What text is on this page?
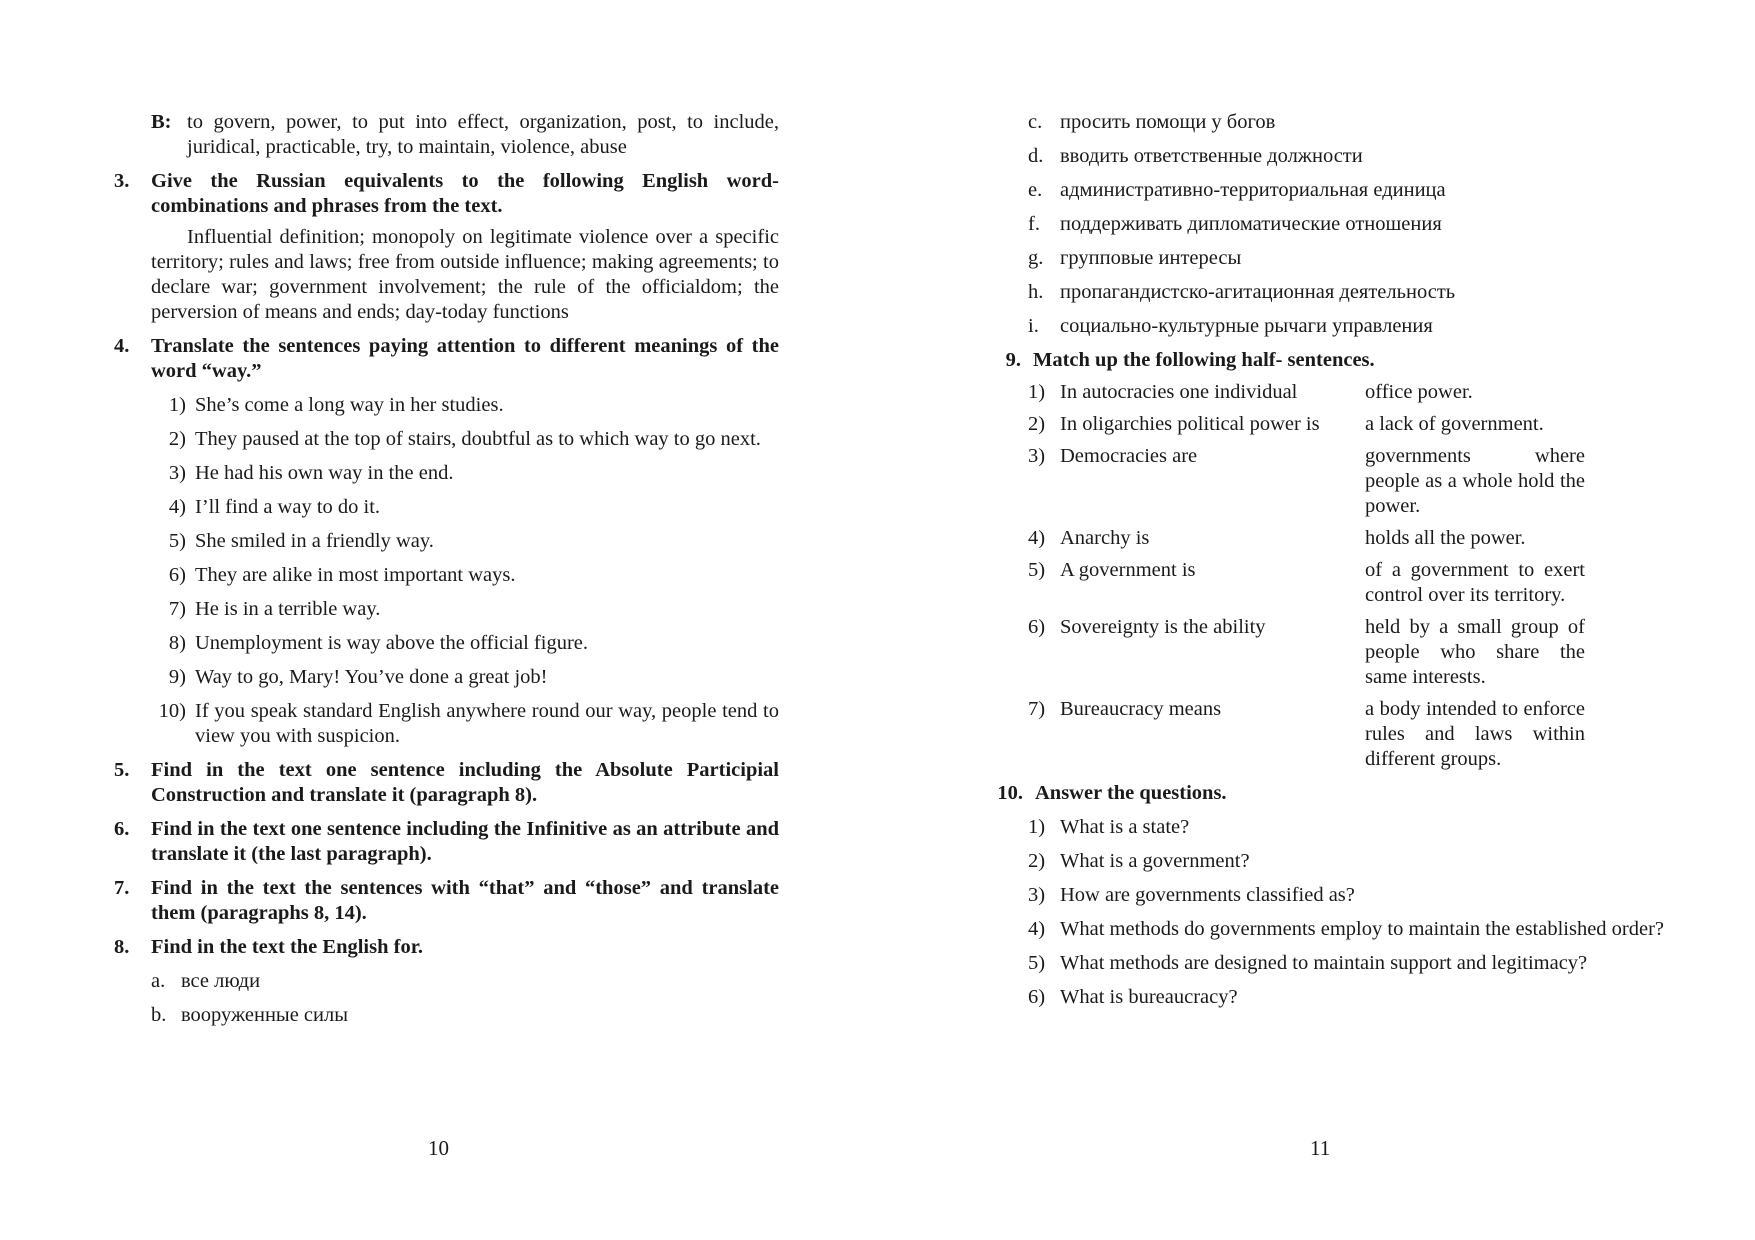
B: to govern, power, to put into effect, organization, post, to include, juridical, practicable, try, to maintain, violence, abuse
3.	Give the Russian equivalents to the following English word-combinations and phrases from the text.

Influential definition; monopoly on legitimate violence over a specific territory; rules and laws; free from outside influence; making agreements; to declare war; government involvement; the rule of the officialdom; the perversion of means and ends; day-today functions

4.	Translate the sentences paying attention to different meanings of the word “way.”
1) She’s come a long way in her studies.
2) They paused at the top of stairs, doubtful as to which way to go next.
3) He had his own way in the end.
4) I’ll find a way to do it.
5) She smiled in a friendly way.
6) They are alike in most important ways.
7) He is in a terrible way.
8) Unemployment is way above the official figure.
9) Way to go, Mary! You’ve done a great job!
10) If you speak standard English anywhere round our way, people tend to view you with suspicion.
5.	Find in the text one sentence including the Absolute Participial Construction and translate it (paragraph 8).
6.	Find in the text one sentence including the Infinitive as an attribute and translate it (the last paragraph).
7.	Find in the text the sentences with “that” and “those” and translate them (paragraphs 8, 14).
8.	Find in the text the English for.
a. все люди
b. вооруженные силы
10
c. просить помощи у богов
d. вводить ответственные должности
e. административно-территориальная единица
f. поддерживать дипломатические отношения
g. групповые интересы
h. пропагандистско-агитационная деятельность
i.	социально-культурные рычаги управления
9. Match up the following half- sentences.
1) In autocracies one individual	office power.
2) In oligarchies political power is	a lack of government.
3) Democracies are	governments where people as a whole hold the power.
4) Anarchy is	holds all the power.
5) A government is	of a government to exert control over its territory.
6) Sovereignty is the ability	held by a small group of people who share the same interests.
7) Bureaucracy means	a body intended to enforce rules and laws within different groups.
10. Answer the questions.
1) What is a state?
2) What is a government?
3) How are governments classified as?
4) What methods do governments employ to maintain the established order?
5) What methods are designed to maintain support and legitimacy?
6) What is bureaucracy?
11
